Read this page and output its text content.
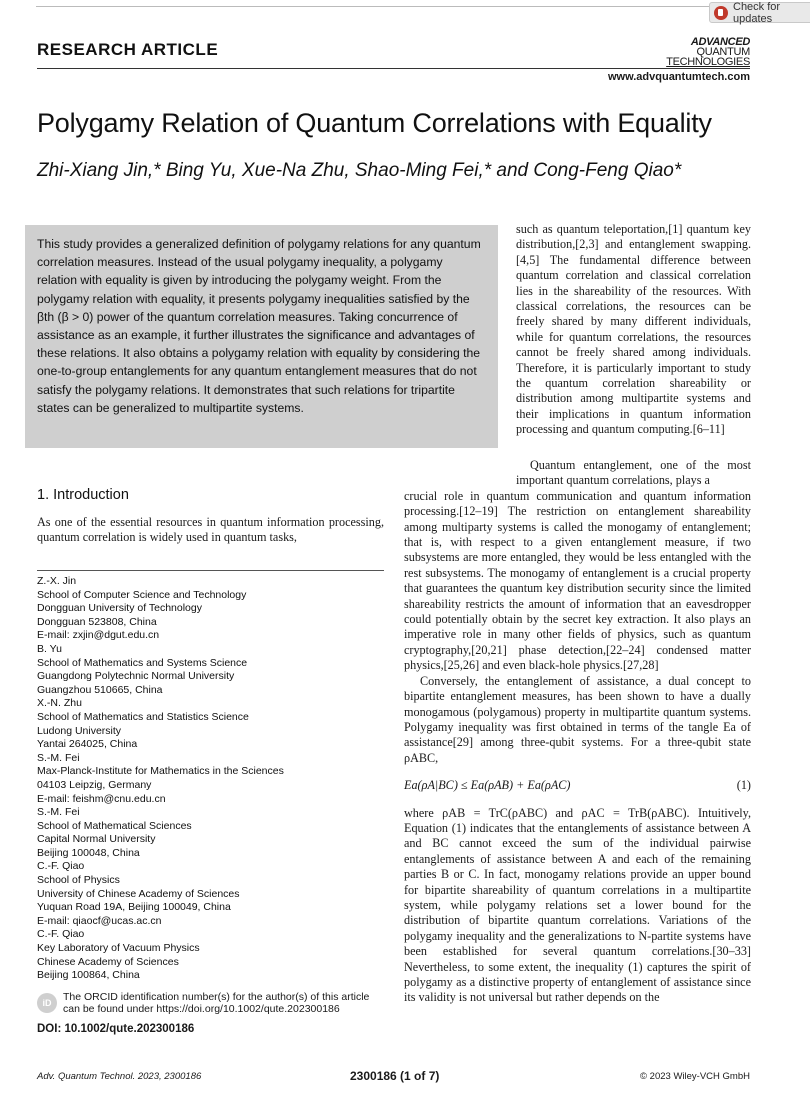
Check for updates
RESEARCH ARTICLE	ADVANCED
QUANTUM
TECHNOLOGIES
www.advquantumtech.com
Polygamy Relation of Quantum Correlations with Equality
Zhi-Xiang Jin,* Bing Yu, Xue-Na Zhu, Shao-Ming Fei,* and Cong-Feng Qiao*
This study provides a generalized definition of polygamy relations for any quantum correlation measures. Instead of the usual polygamy inequality, a polygamy relation with equality is given by introducing the polygamy weight. From the polygamy relation with equality, it presents polygamy inequalities satisfied by the βth (β > 0) power of the quantum correlation measures. Taking concurrence of assistance as an example, it further illustrates the significance and advantages of these relations. It also obtains a polygamy relation with equality by considering the one-to-group entanglements for any quantum entanglement measures that do not satisfy the polygamy relations. It demonstrates that such relations for tripartite states can be generalized to multipartite systems.
such as quantum teleportation,[1] quantum key distribution,[2,3] and entanglement swapping.[4,5] The fundamental difference between quantum correlation and classical correlation lies in the shareability of the resources. With classical correlations, the resources can be freely shared by many different individuals, while for quantum correlations, the resources cannot be freely shared among individuals. Therefore, it is particularly important to study the quantum correlation shareability or distribution among multipartite systems and their implications in quantum information processing and quantum computing.[6–11]

Quantum entanglement, one of the most important quantum correlations, plays a

crucial role in quantum communication and quantum information processing.[12–19] The restriction on entanglement shareability among multiparty systems is called the monogamy of entanglement; that is, with respect to a given entanglement measure, if two subsystems are more entangled, they would be less entangled with the rest subsystems. The monogamy of entanglement is a crucial property that guarantees the quantum key distribution security since the limited shareability restricts the amount of information that an eavesdropper could potentially obtain by the secret key extraction. It also plays an imperative role in many other fields of physics, such as quantum cryptography,[20,21] phase detection,[22–24] condensed matter physics,[25,26] and even black-hole physics.[27,28]

Conversely, the entanglement of assistance, a dual concept to bipartite entanglement measures, has been shown to have a dually monogamous (polygamous) property in multipartite quantum systems. Polygamy inequality was first obtained in terms of the tangle Ea of assistance[29] among three-qubit systems. For a three-qubit state ρABC,

Ea(ρA|BC) ≤ Ea(ρAB) + Ea(ρAC)	(1)

where ρAB = TrC(ρABC) and ρAC = TrB(ρABC). Intuitively, Equation (1) indicates that the entanglements of assistance between A and BC cannot exceed the sum of the individual pairwise entanglements of assistance between A and each of the remaining parties B or C. In fact, monogamy relations provide an upper bound for bipartite shareability of quantum correlations in a multipartite system, while polygamy relations set a lower bound for the distribution of bipartite quantum correlations. Variations of the polygamy inequality and the generalizations to N-partite systems have been established for several quantum correlations.[30–33] Nevertheless, to some extent, the inequality (1) captures the spirit of polygamy as a distinctive property of entanglement of assistance since its validity is not universal but rather depends on the

1. Introduction
As one of the essential resources in quantum information processing, quantum correlation is widely used in quantum tasks,
Z.-X. Jin
School of Computer Science and Technology
Dongguan University of Technology
Dongguan 523808, China
E-mail: zxjin@dgut.edu.cn
B. Yu
School of Mathematics and Systems Science
Guangdong Polytechnic Normal University
Guangzhou 510665, China
X.-N. Zhu
School of Mathematics and Statistics Science
Ludong University
Yantai 264025, China
S.-M. Fei
Max-Planck-Institute for Mathematics in the Sciences
04103 Leipzig, Germany
E-mail: feishm@cnu.edu.cn
S.-M. Fei
School of Mathematical Sciences
Capital Normal University
Beijing 100048, China
C.-F. Qiao
School of Physics
University of Chinese Academy of Sciences
Yuquan Road 19A, Beijing 100049, China
E-mail: qiaocf@ucas.ac.cn
C.-F. Qiao
Key Laboratory of Vacuum Physics
Chinese Academy of Sciences
Beijing 100864, China
iD	The ORCID identification number(s) for the author(s) of this article can be found under https://doi.org/10.1002/qute.202300186
DOI: 10.1002/qute.202300186
Adv. Quantum Technol. 2023, 2300186	2300186 (1 of 7)	© 2023 Wiley-VCH GmbH
